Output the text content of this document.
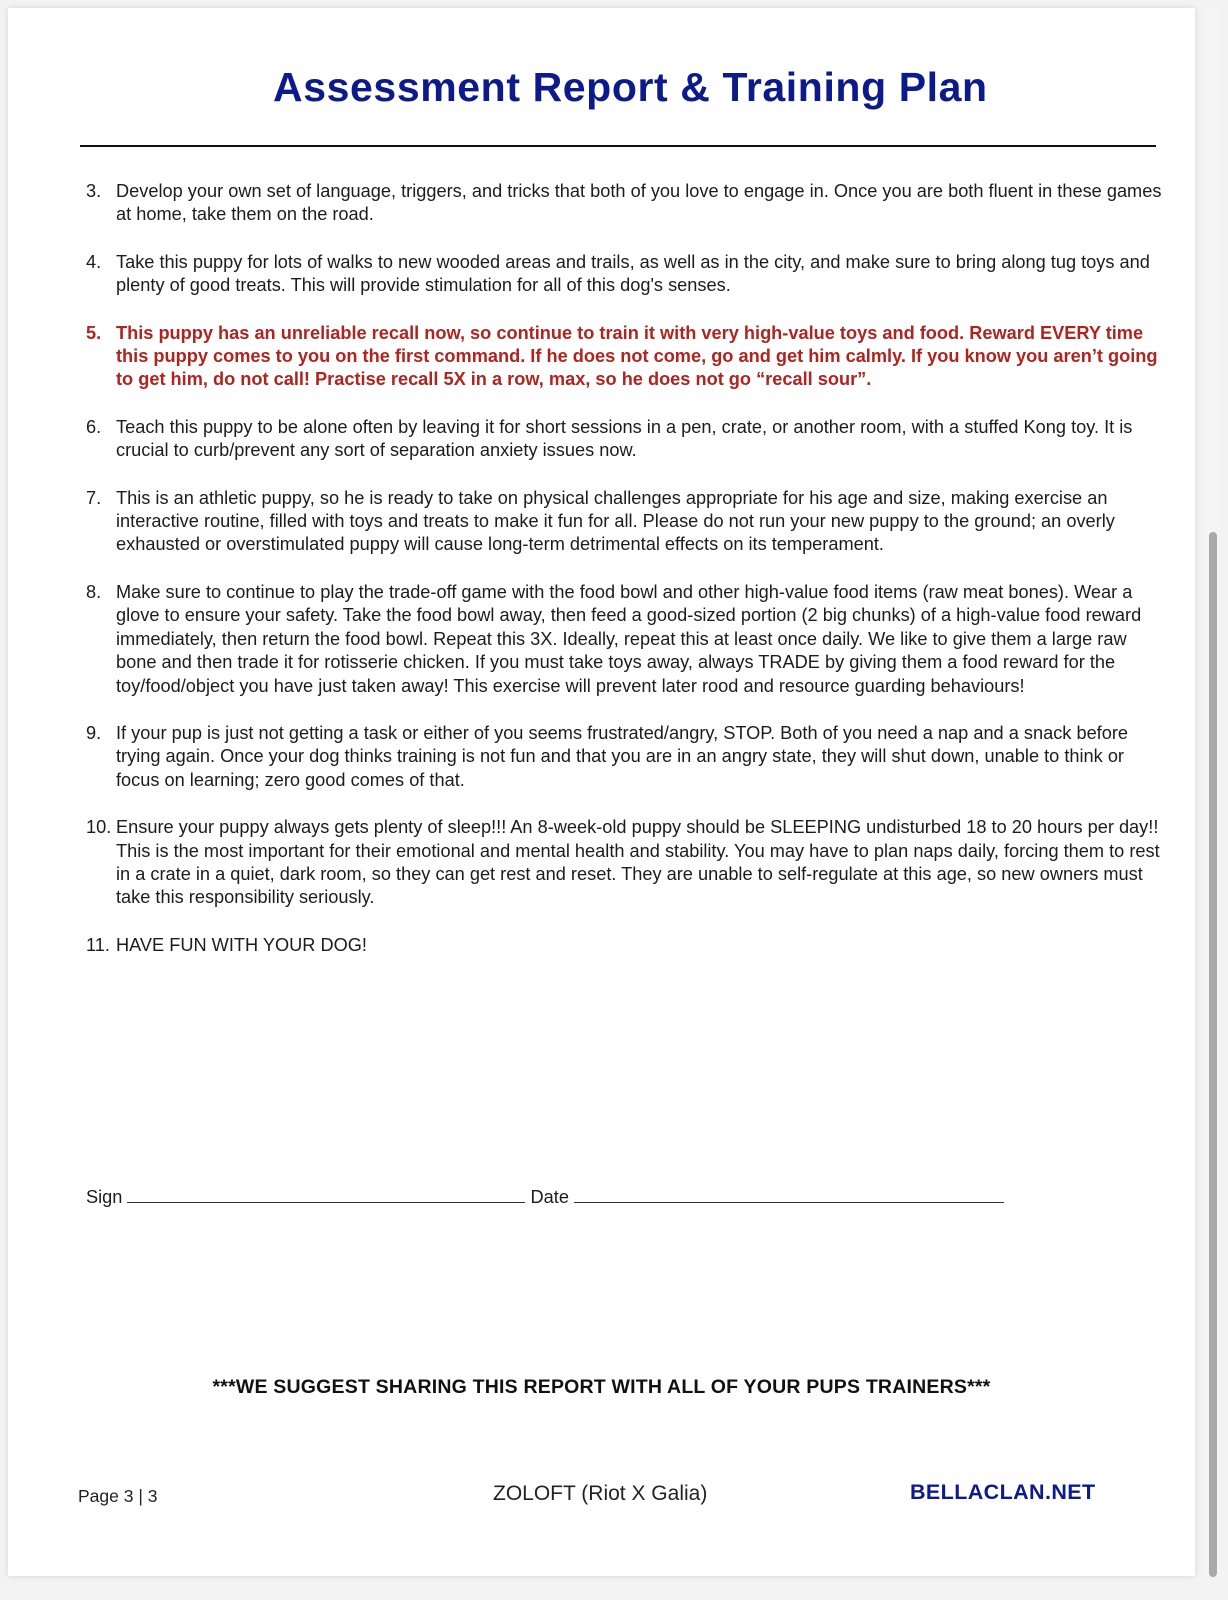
Assessment Report & Training Plan
3. Develop your own set of language, triggers, and tricks that both of you love to engage in. Once you are both fluent in these games at home, take them on the road.
4. Take this puppy for lots of walks to new wooded areas and trails, as well as in the city, and make sure to bring along tug toys and plenty of good treats. This will provide stimulation for all of this dog's senses.
5. This puppy has an unreliable recall now, so continue to train it with very high-value toys and food. Reward EVERY time this puppy comes to you on the first command. If he does not come, go and get him calmly. If you know you aren’t going to get him, do not call! Practise recall 5X in a row, max, so he does not go “recall sour”.
6. Teach this puppy to be alone often by leaving it for short sessions in a pen, crate, or another room, with a stuffed Kong toy. It is crucial to curb/prevent any sort of separation anxiety issues now.
7. This is an athletic puppy, so he is ready to take on physical challenges appropriate for his age and size, making exercise an interactive routine, filled with toys and treats to make it fun for all. Please do not run your new puppy to the ground; an overly exhausted or overstimulated puppy will cause long-term detrimental effects on its temperament.
8. Make sure to continue to play the trade-off game with the food bowl and other high-value food items (raw meat bones). Wear a glove to ensure your safety. Take the food bowl away, then feed a good-sized portion (2 big chunks) of a high-value food reward immediately, then return the food bowl. Repeat this 3X. Ideally, repeat this at least once daily. We like to give them a large raw bone and then trade it for rotisserie chicken. If you must take toys away, always TRADE by giving them a food reward for the toy/food/object you have just taken away! This exercise will prevent later rood and resource guarding behaviours!
9. If your pup is just not getting a task or either of you seems frustrated/angry, STOP. Both of you need a nap and a snack before trying again. Once your dog thinks training is not fun and that you are in an angry state, they will shut down, unable to think or focus on learning; zero good comes of that.
10. Ensure your puppy always gets plenty of sleep!!! An 8-week-old puppy should be SLEEPING undisturbed 18 to 20 hours per day!! This is the most important for their emotional and mental health and stability. You may have to plan naps daily, forcing them to rest in a crate in a quiet, dark room, so they can get rest and reset. They are unable to self-regulate at this age, so new owners must take this responsibility seriously.
11. HAVE FUN WITH YOUR DOG!
Sign	Date
***WE SUGGEST SHARING THIS REPORT WITH ALL OF YOUR PUPS TRAINERS***
Page 3 | 3	ZOLOFT (Riot X Galia)	BELLACLAN.NET
